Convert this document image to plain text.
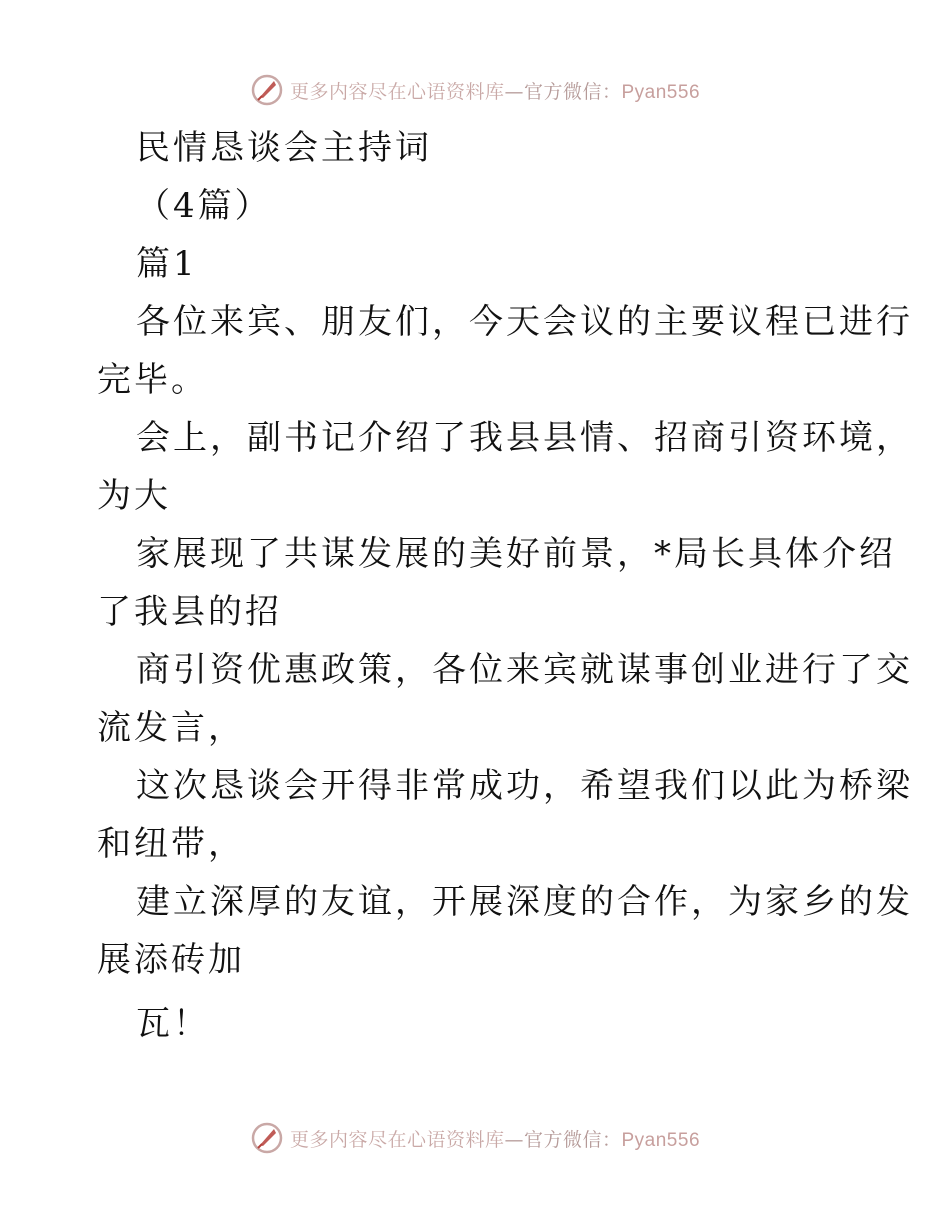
更多内容尽在心语资料库—官方微信：Pyan556
民情恳谈会主持词
（4篇）
篇1
各位来宾、朋友们，今天会议的主要议程已进行
完毕。
会上，副书记介绍了我县县情、招商引资环境，
为大
家展现了共谋发展的美好前景，*局长具体介绍
了我县的招
商引资优惠政策，各位来宾就谋事创业进行了交
流发言，
这次恳谈会开得非常成功，希望我们以此为桥梁
和纽带，
建立深厚的友谊，开展深度的合作，为家乡的发
展添砖加
瓦！
更多内容尽在心语资料库—官方微信：Pyan556
